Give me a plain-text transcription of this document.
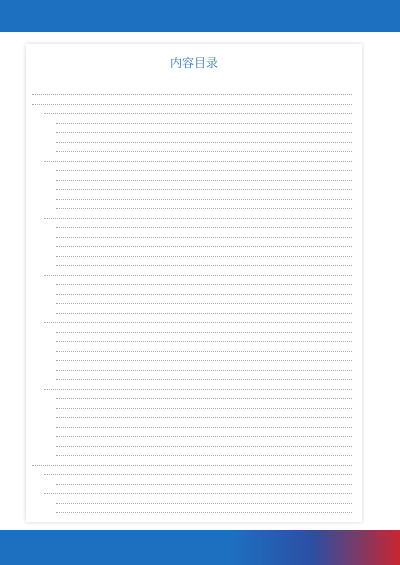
内容目录
